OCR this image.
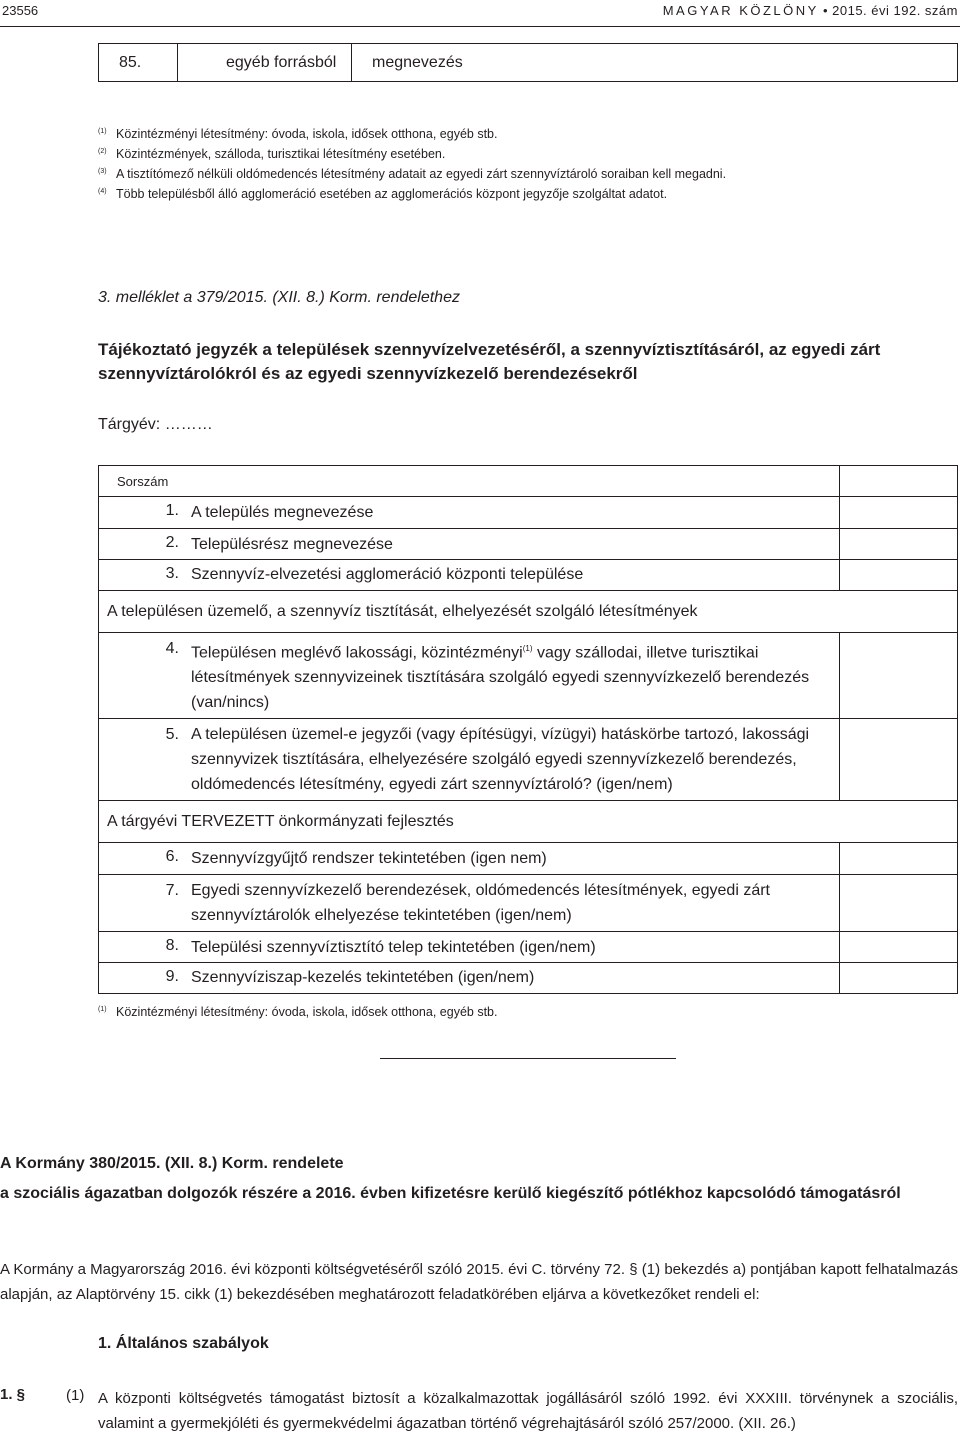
23556	MAGYAR KÖZLÖNY • 2015. évi 192. szám
85.	egyéb forrásból	megnevezés
$^{(1)}$ Közintézményi létesítmény: óvoda, iskola, idősek otthona, egyéb stb.
$^{(2)}$ Közintézmények, szálloda, turisztikai létesítmény esetében.
$^{(3)}$ A tisztítómező nélküli oldómedencés létesítmény adatait az egyedi zárt szennyvíztároló soraiban kell megadni.
$^{(4)}$ Több településből álló agglomeráció esetében az agglomerációs központ jegyzője szolgáltat adatot.
3. melléklet a 379/2015. (XII. 8.) Korm. rendelethez
Tájékoztató jegyzék a települések szennyvízelvezetéséről, a szennyvíztisztításáról, az egyedi zárt szennyvíztárolókról és az egyedi szennyvízkezelő berendezésekről
Tárgyév: ………
Sorszám		
1.	A település megnevezése	
2.	Településrész megnevezése	
3.	Szennyvíz-elvezetési agglomeráció központi települése	
A településen üzemelő, a szennyvíz tisztítását, elhelyezését szolgáló létesítmények		
4.	Településen meglévő lakossági, közintézményi$^{(1)}$ vagy szállodai, illetve turisztikai létesítmények szennyvizeinek tisztítására szolgáló egyedi szennyvízkezelő berendezés (van/nincs)	
5.	A településen üzemel-e jegyzői (vagy építésügyi, vízügyi) hatáskörbe tartozó, lakossági szennyvizek tisztítására, elhelyezésére szolgáló egyedi szennyvízkezelő berendezés, oldómedencés létesítmény, egyedi zárt szennyvíztároló? (igen/nem)	
A tárgyévi TERVEZETT önkormányzati fejlesztés		
6.	Szennyvízgyűjtő rendszer tekintetében (igen nem)	
7.	Egyedi szennyvízkezelő berendezések, oldómedencés létesítmények, egyedi zárt szennyvíztárolók elhelyezése tekintetében (igen/nem)	
8.	Települési szennyvíztisztító telep tekintetében (igen/nem)	
9.	Szennyvíziszap-kezelés tekintetében (igen/nem)	
$^{(1)}$ Közintézményi létesítmény: óvoda, iskola, idősek otthona, egyéb stb.
A Kormány 380/2015. (XII. 8.) Korm. rendelete
a szociális ágazatban dolgozók részére a 2016. évben kifizetésre kerülő kiegészítő pótlékhoz kapcsolódó támogatásról
A Kormány a Magyarország 2016. évi központi költségvetéséről szóló 2015. évi C. törvény 72. § (1) bekezdés a) pontjában kapott felhatalmazás alapján, az Alaptörvény 15. cikk (1) bekezdésében meghatározott feladatkörében eljárva a következőket rendeli el:
1. Általános szabályok
1. §	(1) A központi költségvetés támogatást biztosít a közalkalmazottak jogállásáról szóló 1992. évi XXXIII. törvénynek a szociális, valamint a gyermekjóléti és gyermekvédelmi ágazatban történő végrehajtásáról szóló 257/2000. (XII. 26.)
